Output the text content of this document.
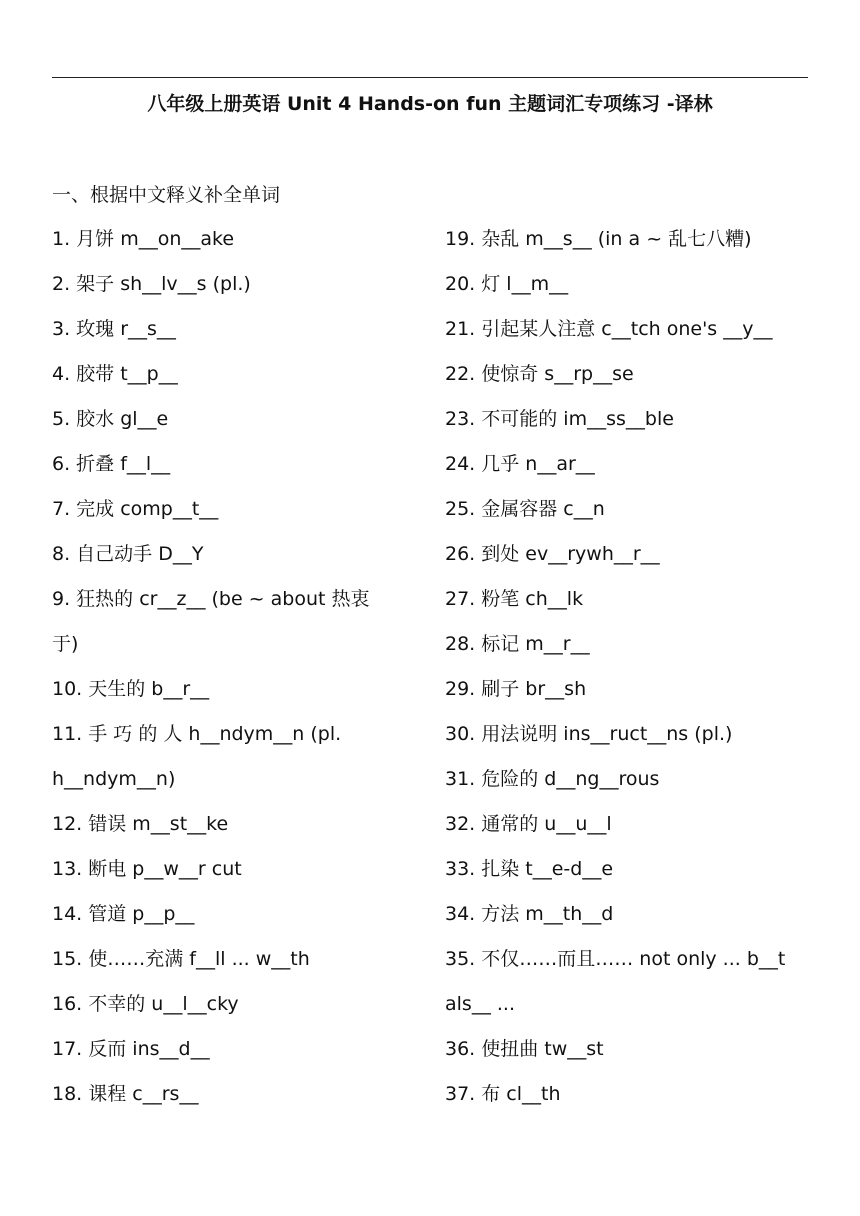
八年级上册英语 Unit 4 Hands-on fun 主题词汇专项练习 -译林
一、根据中文释义补全单词
1. 月饼 m__on__ake
2. 架子 sh__lv__s (pl.)
3. 玫瑰 r__s__
4. 胶带 t__p__
5. 胶水 gl__e
6. 折叠 f__l__
7. 完成 comp__t__
8. 自己动手 D__Y
9. 狂热的 cr__z__ (be ~ about 热衷
于)
10. 天生的 b__r__
11. 手 巧 的 人 h__ndym__n (pl.
h__ndym__n)
12. 错误 m__st__ke
13. 断电 p__w__r cut
14. 管道 p__p__
15. 使……充满 f__ll ... w__th
16. 不幸的 u__l__cky
17. 反而 ins__d__
18. 课程 c__rs__
19. 杂乱 m__s__ (in a ~ 乱七八糟)
20. 灯 l__m__
21. 引起某人注意 c__tch one's __y__
22. 使惊奇 s__rp__se
23. 不可能的 im__ss__ble
24. 几乎 n__ar__
25. 金属容器 c__n
26. 到处 ev__rywh__r__
27. 粉笔 ch__lk
28. 标记 m__r__
29. 刷子 br__sh
30. 用法说明 ins__ruct__ns (pl.)
31. 危险的 d__ng__rous
32. 通常的 u__u__l
33. 扎染 t__e-d__e
34. 方法 m__th__d
35. 不仅……而且…… not only ... b__t
als__ ...
36. 使扭曲 tw__st
37. 布 cl__th
